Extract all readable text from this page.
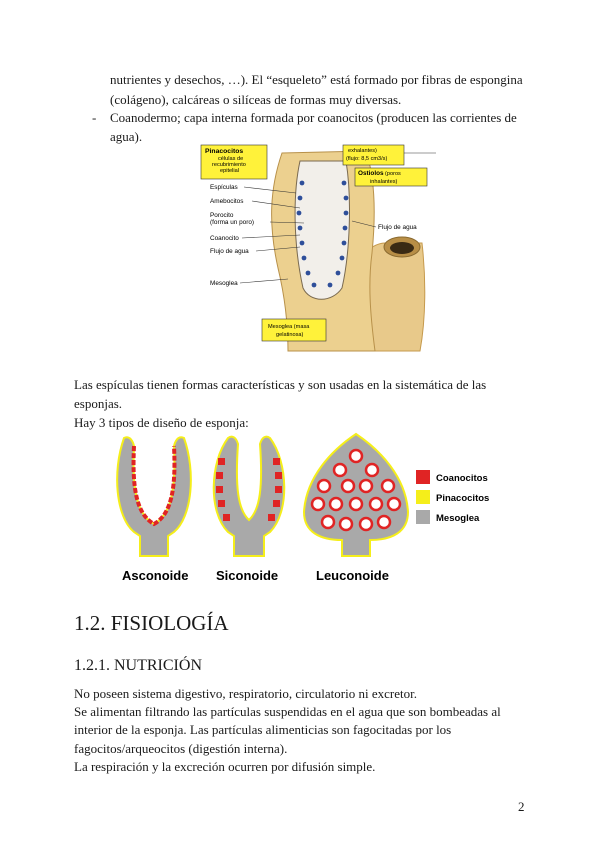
nutrientes y desechos, …). El “esqueleto” está formado por fibras de espongina

(colágeno), calcáreas o silíceas de formas muy diversas.

- Coanodermo; capa interna formada por coanocitos (producen las corrientes de

agua).

Pinacocitos
células de
recubrimiento
epitelial
exhalantes)
(flujo: 8,5 cm3/s)
Ostiolos (poros
inhalantes)
Mesoglea (masa
gelatinosa)
Espículas
Amebocitos
Porocito
(forma un poro)
Coanocito
Flujo de agua
Mesoglea
Flujo de agua

Las espículas tienen formas características y son usadas en la sistemática de las

esponjas.

Hay 3 tipos de diseño de esponja:

Asconoide Siconoide	Leuconoide
Coanocitos
Pinacocitos
Mesoglea
1.2. FISIOLOGÍA
1.2.1. NUTRICIÓN

No poseen sistema digestivo, respiratorio, circulatorio ni excretor.

Se alimentan filtrando las partículas suspendidas en el agua que son bombeadas al

interior de la esponja. Las partículas alimenticias son fagocitadas por los

fagocitos/arqueocitos (digestión interna).

La respiración y la excreción ocurren por difusión simple.

2
